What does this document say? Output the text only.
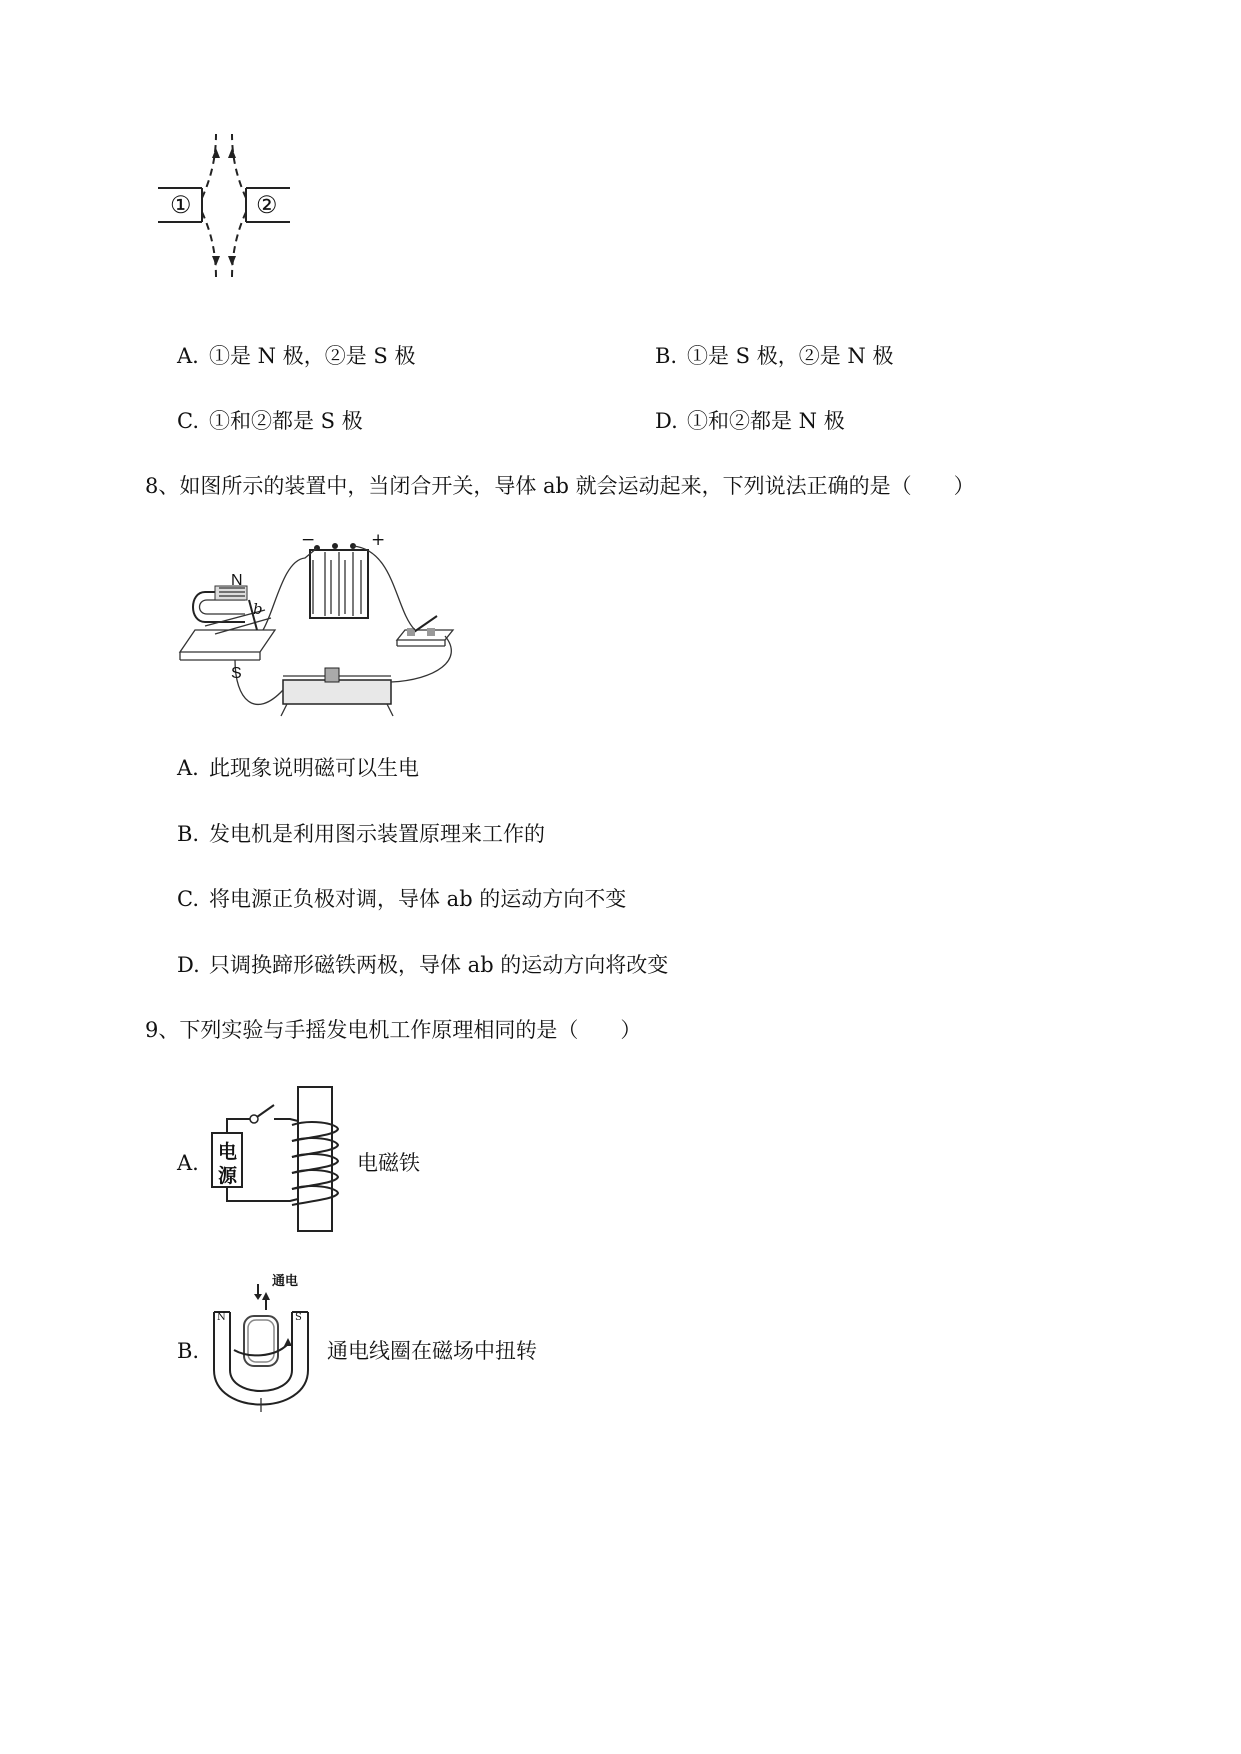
①	②
A. ①是 N 极，②是 S 极	B. ①是 S 极，②是 N 极
C. ①和②都是 S 极	D. ①和②都是 N 极
8、如图所示的装置中，当闭合开关，导体 ab 就会运动起来，下列说法正确的是（　　）
N
S
b
−	+
A. 此现象说明磁可以生电
B. 发电机是利用图示装置原理来工作的
C. 将电源正负极对调，导体 ab 的运动方向不变
D. 只调换蹄形磁铁两极，导体 ab 的运动方向将改变
9、下列实验与手摇发电机工作原理相同的是（　　）
A. 电
源
电磁铁
B.
通电
N	S
通电线圈在磁场中扭转
